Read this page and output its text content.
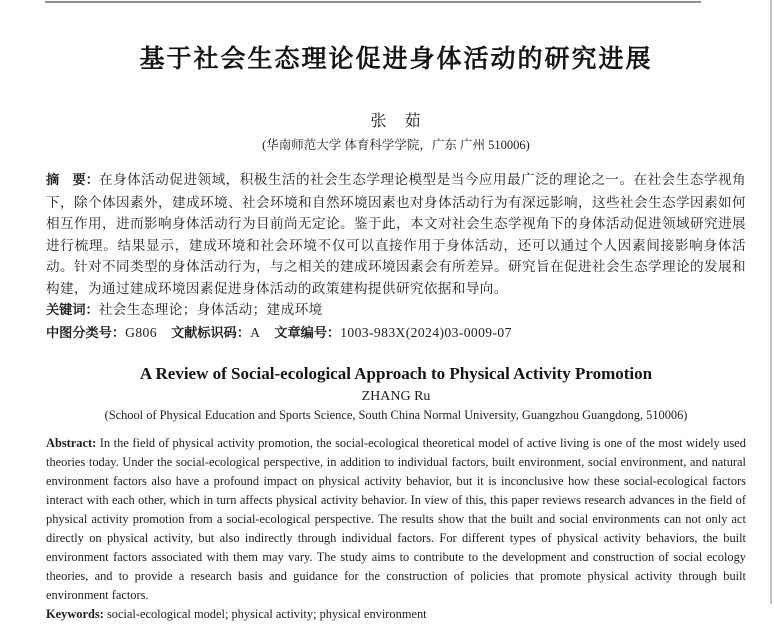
基于社会生态理论促进身体活动的研究进展
张　茹
(华南师范大学 体育科学学院，广东 广州 510006)

摘　要：在身体活动促进领域，积极生活的社会生态学理论模型是当今应用最广泛的理论之一。在社会生态学视角下，除个体因素外，建成环境、社会环境和自然环境因素也对身体活动行为有深远影响，这些社会生态学因素如何相互作用，进而影响身体活动行为目前尚无定论。鉴于此，本文对社会生态学视角下的身体活动促进领域研究进展进行梳理。结果显示，建成环境和社会环境不仅可以直接作用于身体活动，还可以通过个人因素间接影响身体活动。针对不同类型的身体活动行为，与之相关的建成环境因素会有所差异。研究旨在促进社会生态学理论的发展和构建，为通过建成环境因素促进身体活动的政策建构提供研究依据和导向。

关键词：社会生态理论；身体活动；建成环境

中图分类号：G806 文献标识码：A 文章编号：1003-983X(2024)03-0009-07

A Review of Social-ecological Approach to Physical Activity Promotion
ZHANG Ru
(School of Physical Education and Sports Science, South China Normal University, Guangzhou Guangdong, 510006)

Abstract: In the field of physical activity promotion, the social-ecological theoretical model of active living is one of the most widely used theories today. Under the social-ecological perspective, in addition to individual factors, built environment, social environment, and natural environment factors also have a profound impact on physical activity behavior, but it is inconclusive how these social-ecological factors interact with each other, which in turn affects physical activity behavior. In view of this, this paper reviews research advances in the field of physical activity promotion from a social-ecological perspective. The results show that the built and social environments can not only act directly on physical activity, but also indirectly through individual factors. For different types of physical activity behaviors, the built environment factors associated with them may vary. The study aims to contribute to the development and construction of social ecology theories, and to provide a research basis and guidance for the construction of policies that promote physical activity through built environment factors.

Keywords: social-ecological model; physical activity; physical environment
